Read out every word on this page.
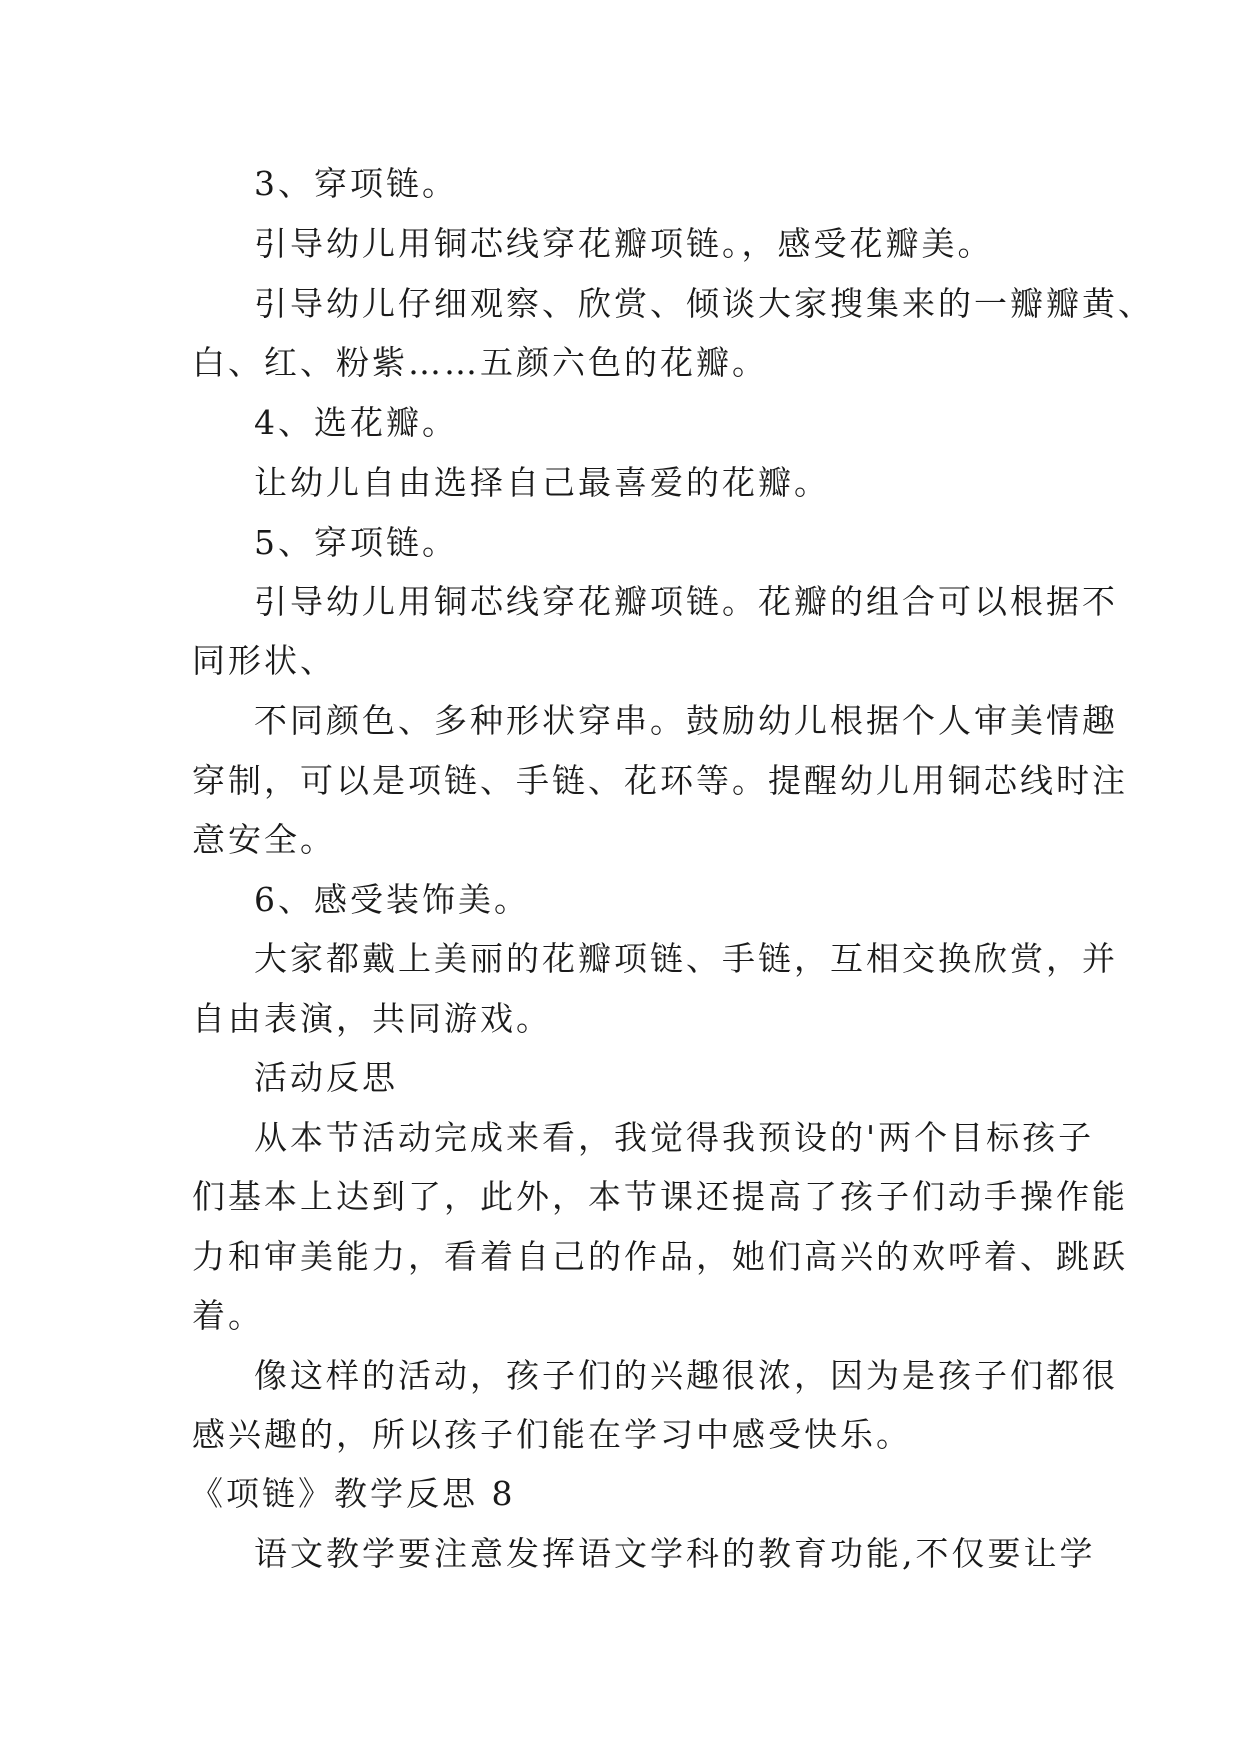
3、穿项链。
引导幼儿用铜芯线穿花瓣项链。，感受花瓣美。
引导幼儿仔细观察、欣赏、倾谈大家搜集来的一瓣瓣黄、
白、红、粉紫……五颜六色的花瓣。
4、选花瓣。
让幼儿自由选择自己最喜爱的花瓣。
5、穿项链。
引导幼儿用铜芯线穿花瓣项链。花瓣的组合可以根据不
同形状、
不同颜色、多种形状穿串。鼓励幼儿根据个人审美情趣
穿制，可以是项链、手链、花环等。提醒幼儿用铜芯线时注
意安全。
6、感受装饰美。
大家都戴上美丽的花瓣项链、手链，互相交换欣赏，并
自由表演，共同游戏。
活动反思
从本节活动完成来看，我觉得我预设的'两个目标孩子
们基本上达到了，此外，本节课还提高了孩子们动手操作能
力和审美能力，看着自己的作品，她们高兴的欢呼着、跳跃
着。
像这样的活动，孩子们的兴趣很浓，因为是孩子们都很
感兴趣的，所以孩子们能在学习中感受快乐。
《项链》教学反思 8
语文教学要注意发挥语文学科的教育功能,不仅要让学
